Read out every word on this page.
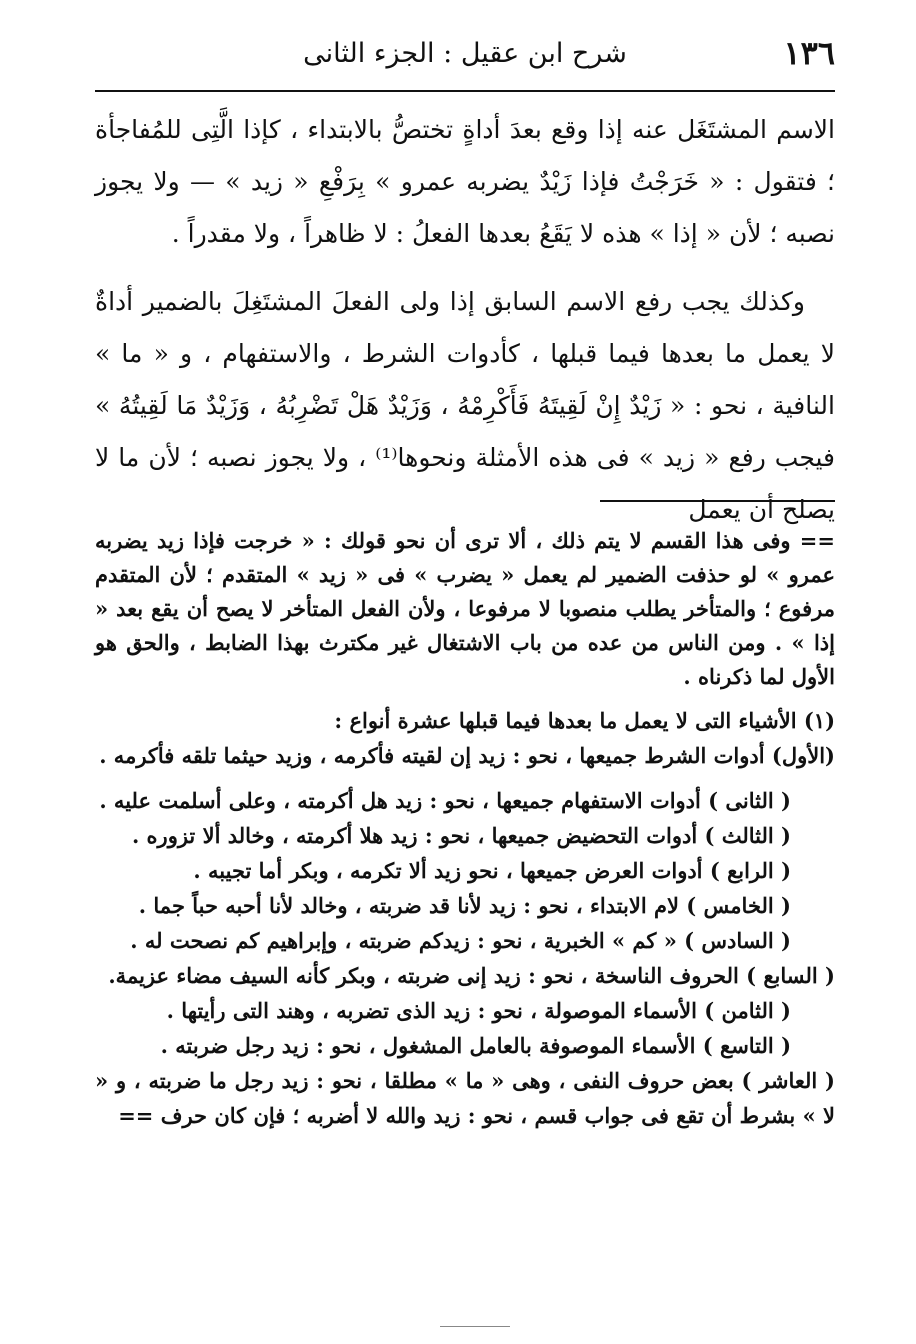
١٣٦
شرح ابن عقيل : الجزء الثانى

الاسم المشتَغَل عنه إذا وقع بعدَ أداةٍ تختصُّ بالابتداء ، كإذا الَّتِى للمُفاجأة ؛ فتقول : « خَرَجْتُ فإذا زَيْدٌ يضربه عمرو » بِرَفْعِ « زيد » — ولا يجوز نصبه ؛ لأن « إذا » هذه لا يَقَعُ بعدها الفعلُ : لا ظاهراً ، ولا مقدراً .

وكذلك يجب رفع الاسم السابق إذا ولى الفعلَ المشتَغِلَ بالضمير أداةٌ لا يعمل ما بعدها فيما قبلها ، كأدوات الشرط ، والاستفهام ، و « ما » النافية ، نحو : « زَيْدٌ إِنْ لَقِيتَهُ فَأَكْرِمْهُ ، وَزَيْدٌ هَلْ تَضْرِبُهُ ، وَزَيْدٌ مَا لَقِيتُهُ » فيجب رفع « زيد » فى هذه الأمثلة ونحوها⁽¹⁾ ، ولا يجوز نصبه ؛ لأن ما لا يصلح أن يعمل

== وفى هذا القسم لا يتم ذلك ، ألا ترى أن نحو قولك : « خرجت فإذا زيد يضربه عمرو » لو حذفت الضمير لم يعمل « يضرب » فى « زيد » المتقدم ؛ لأن المتقدم مرفوع ؛ والمتأخر يطلب منصوبا لا مرفوعا ، ولأن الفعل المتأخر لا يصح أن يقع بعد « إذا » . ومن الناس من عده من باب الاشتغال غير مكترث بهذا الضابط ، والحق هو الأول لما ذكرناه .

(١) الأشياء التى لا يعمل ما بعدها فيما قبلها عشرة أنواع :

(الأول) أدوات الشرط جميعها ، نحو : زيد إن لقيته فأكرمه ، وزيد حيثما تلقه فأكرمه .

( الثانى ) أدوات الاستفهام جميعها ، نحو : زيد هل أكرمته ، وعلى أسلمت عليه .

( الثالث ) أدوات التحضيض جميعها ، نحو : زيد هلا أكرمته ، وخالد ألا تزوره .

( الرابع ) أدوات العرض جميعها ، نحو زيد ألا تكرمه ، وبكر أما تجيبه .

( الخامس ) لام الابتداء ، نحو : زيد لأنا قد ضربته ، وخالد لأنا أحبه حباً جما .

( السادس ) « كم » الخبرية ، نحو : زيدكم ضربته ، وإبراهيم كم نصحت له .

( السابع ) الحروف الناسخة ، نحو : زيد إنى ضربته ، وبكر كأنه السيف مضاء عزيمة.

( الثامن ) الأسماء الموصولة ، نحو : زيد الذى تضربه ، وهند التى رأيتها .

( التاسع ) الأسماء الموصوفة بالعامل المشغول ، نحو : زيد رجل ضربته .

( العاشر ) بعض حروف النفى ، وهى « ما » مطلقا ، نحو : زيد رجل ما ضربته ، و « لا » بشرط أن تقع فى جواب قسم ، نحو : زيد والله لا أضربه ؛ فإن كان حرف ==
